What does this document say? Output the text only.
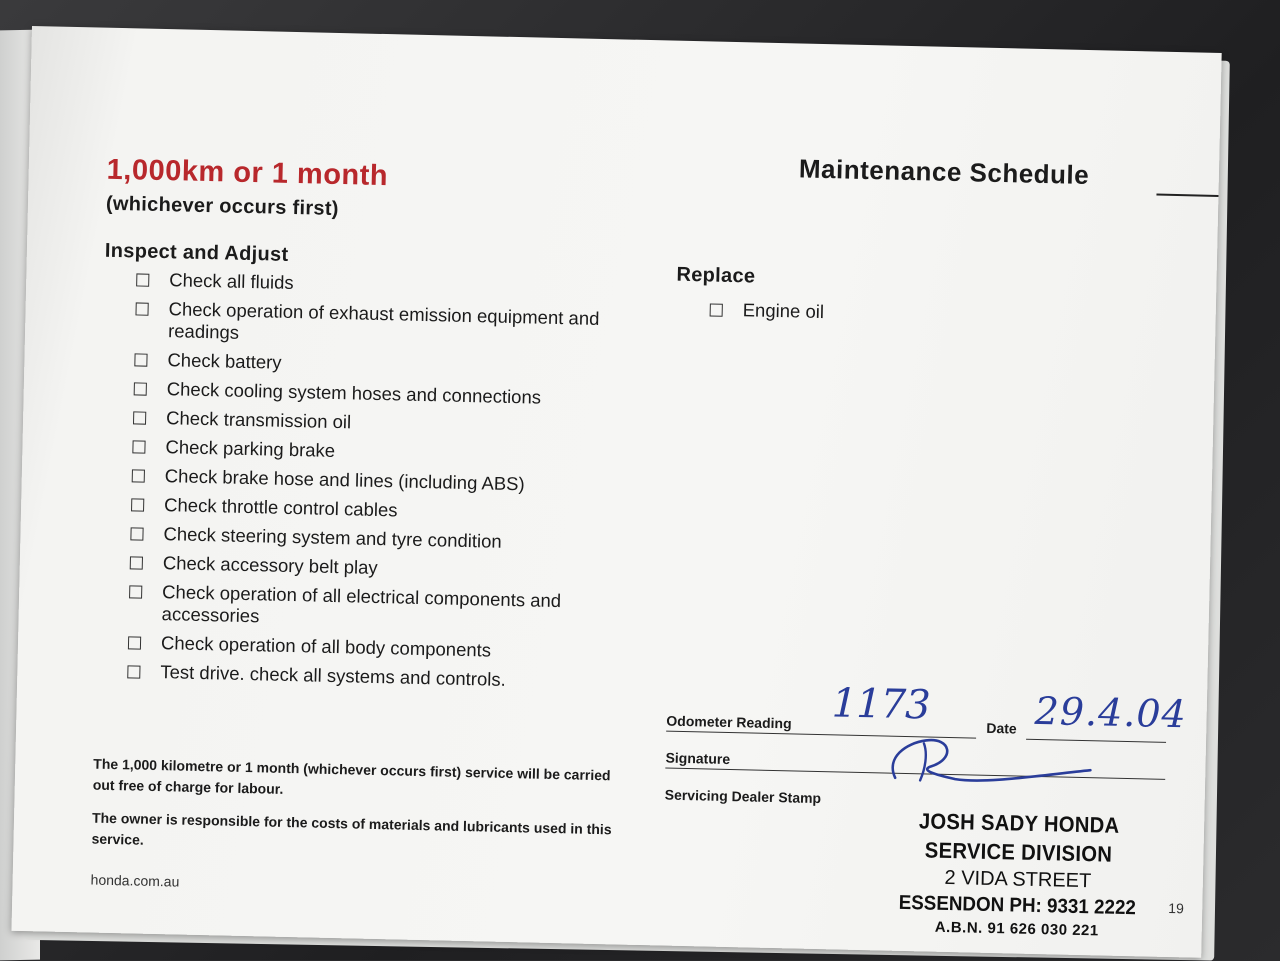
Maintenance Schedule
1,000km or 1 month
(whichever occurs first)
Inspect and Adjust
Check all fluids
Check operation of exhaust emission equipment and readings
Check battery
Check cooling system hoses and connections
Check transmission oil
Check parking brake
Check brake hose and lines (including ABS)
Check throttle control cables
Check steering system and tyre condition
Check accessory belt play
Check operation of all electrical components and accessories
Check operation of all body components
Test drive. check all systems and controls.
Replace
Engine oil
Odometer Reading 1173	Date 29.4.04
Signature
Servicing Dealer Stamp
JOSH SADY HONDA
SERVICE DIVISION
2 VIDA STREET
ESSENDON PH: 9331 2222
A.B.N. 91 626 030 221
The 1,000 kilometre or 1 month (whichever occurs first) service will be carried out free of charge for labour.
The owner is responsible for the costs of materials and lubricants used in this service.
honda.com.au
19
